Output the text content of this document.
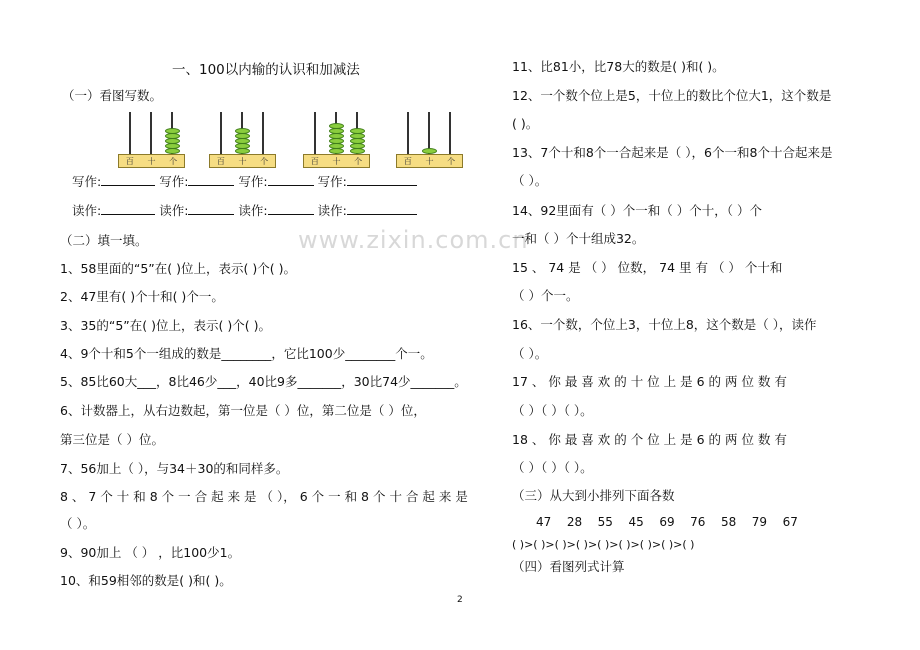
www.zixin.com.cn
一、100以内输的认识和加减法
（一）看图写数。
百 十 个	百 十 个	百 十 个	百 十 个
写作:	写作:	写作:	写作:
读作:	读作:	读作:	读作:
（二）填一填。
1、58里面的“5”在( )位上，表示( )个( )。
2、47里有( )个十和( )个一。
3、35的“5”在( )位上，表示( )个( )。
4、9个十和5个一组成的数是________，它比100少________个一。
5、85比60大___，8比46少___，40比9多_______，30比74少_______。
6、计数器上，从右边数起，第一位是（ ）位，第二位是（ ）位，
第三位是（ ）位。
7、56加上（ ），与34＋30的和同样多。
8 、 7 个 十 和 8 个 一 合 起 来 是 （ ）， 6 个 一 和 8 个 十 合 起 来 是
（ ）。
9、90加上 （ ） ，比100少1。
10、和59相邻的数是( )和( )。
11、比81小，比78大的数是( )和( )。
12、一个数个位上是5，十位上的数比个位大1，这个数是
( )。
13、7个十和8个一合起来是（ ），6个一和8个十合起来是
（ ）。
14、92里面有（ ）个一和（ ）个十，（ ）个
一和（ ）个十组成32。
15 、 74 是 （ ） 位数， 74 里 有 （ ） 个十和
（ ）个一。
16、一个数，个位上3，十位上8，这个数是（ ），读作
（ ）。
17 、 你 最 喜 欢 的 十 位 上 是 6 的 两 位 数 有
（ ）（ ）（ ）。
18 、 你 最 喜 欢 的 个 位 上 是 6 的 两 位 数 有
（ ）（ ）（ ）。
（三）从大到小排列下面各数
47 28 55 45 69 76 58 79 67
( )>( )>( )>( )>( )>( )>( )>( )>( )
（四）看图列式计算
2
